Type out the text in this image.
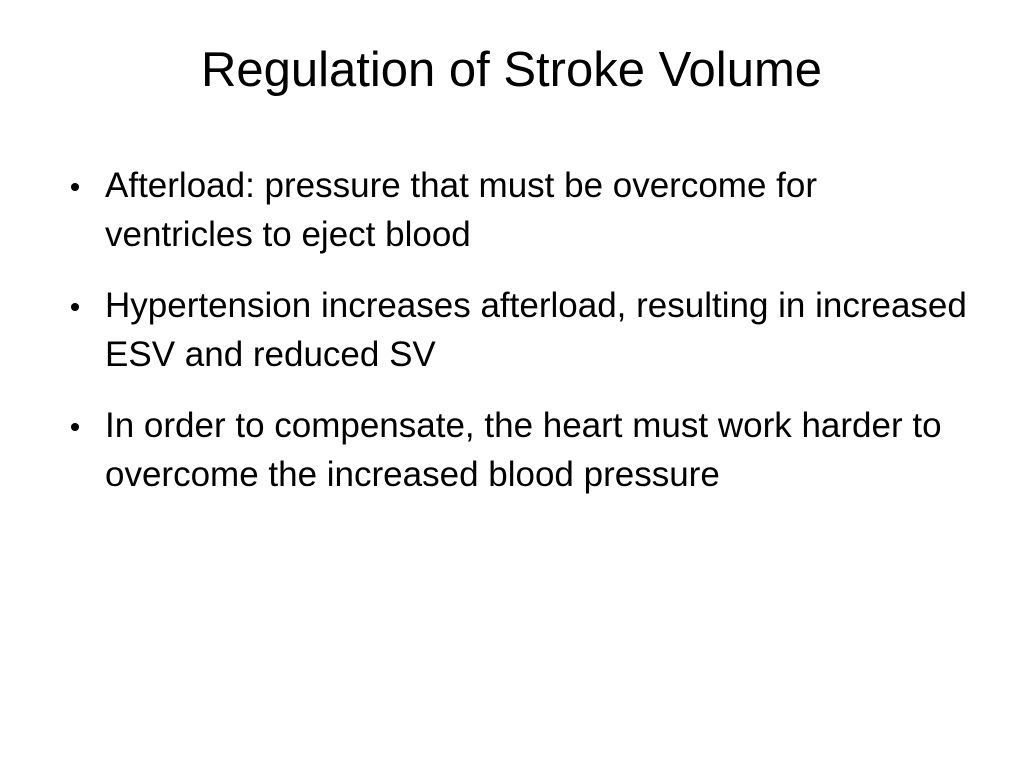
Regulation of Stroke Volume
Afterload: pressure that must be overcome for ventricles to eject blood
Hypertension increases afterload, resulting in increased ESV and reduced SV
In order to compensate, the heart must work harder to overcome the increased blood pressure
